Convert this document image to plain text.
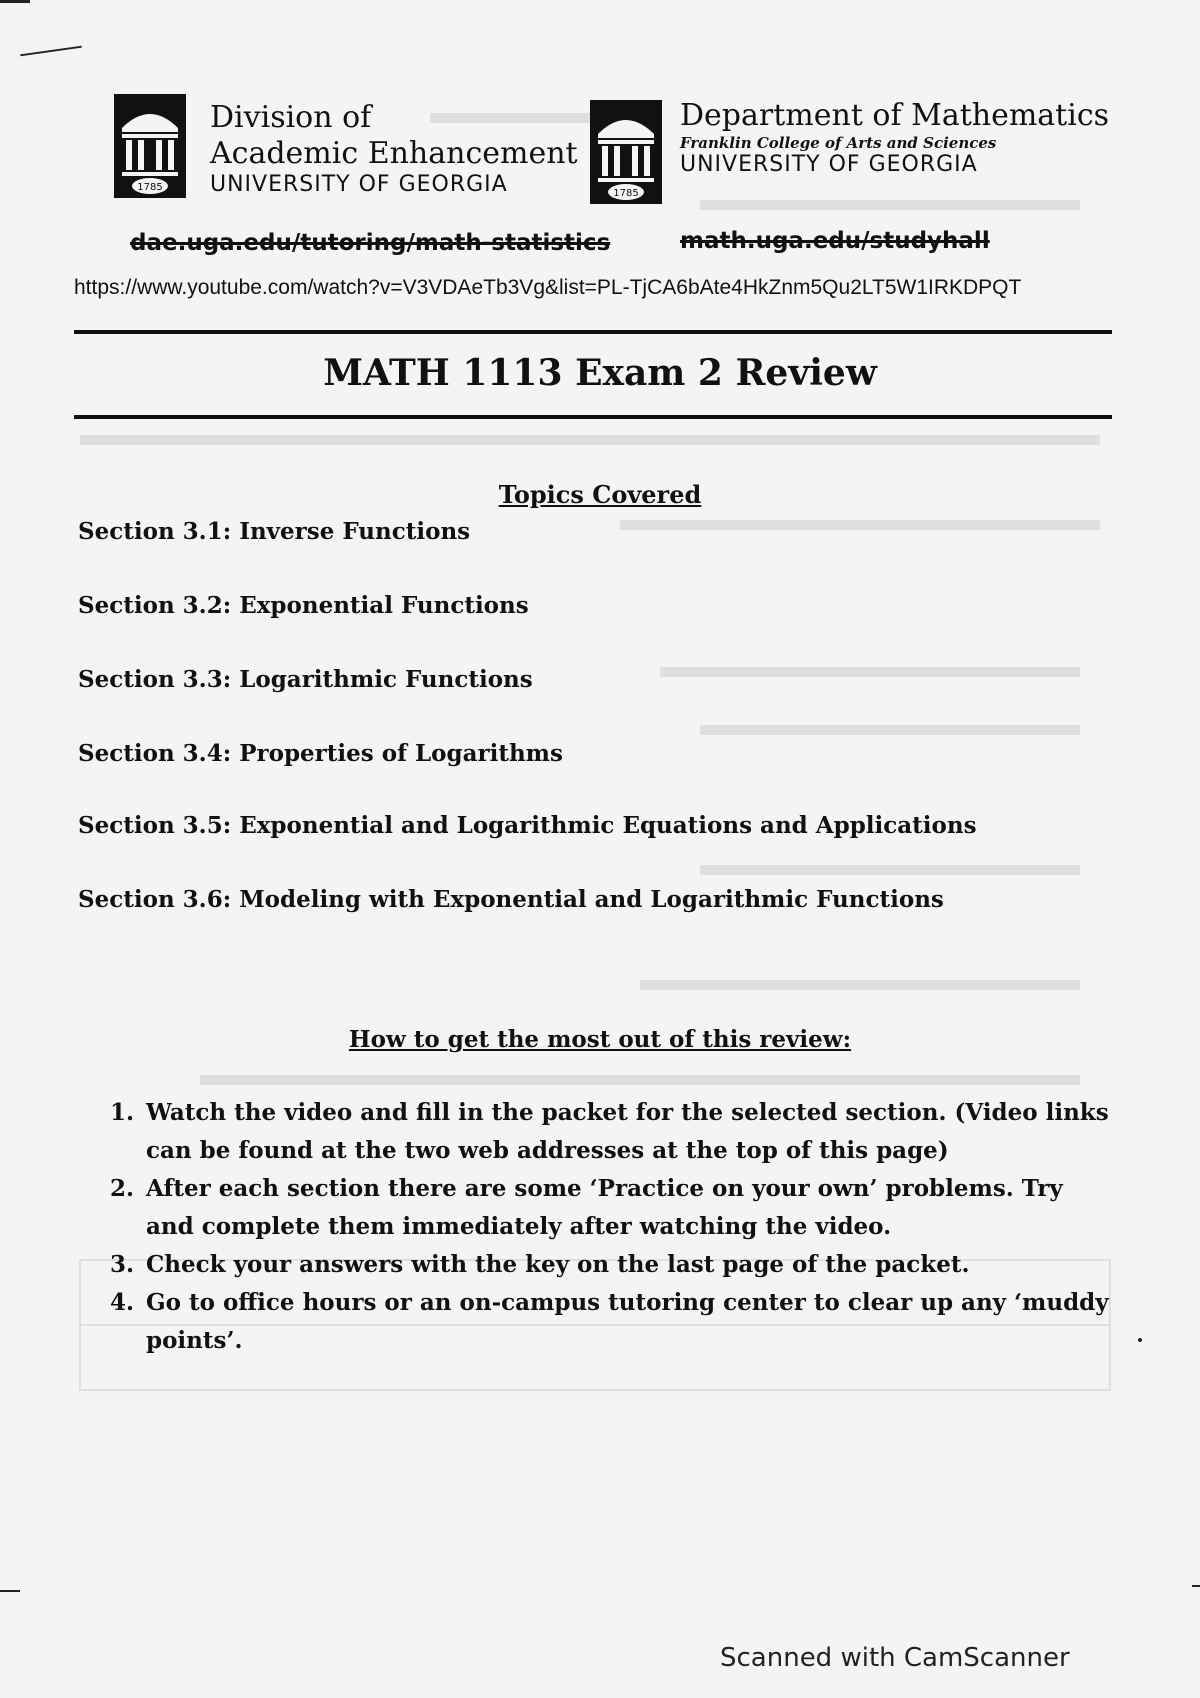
1785
Division of
Academic Enhancement
UNIVERSITY OF GEORGIA	1785
Department of Mathematics
Franklin College of Arts and Sciences
UNIVERSITY OF GEORGIA
dae.uga.edu/tutoring/math-statistics	math.uga.edu/studyhall
https://www.youtube.com/watch?v=V3VDAeTb3Vg&list=PL-TjCA6bAte4HkZnm5Qu2LT5W1IRKDPQT
MATH 1113 Exam 2 Review
Topics Covered
Section 3.1: Inverse Functions
Section 3.2: Exponential Functions
Section 3.3: Logarithmic Functions
Section 3.4: Properties of Logarithms
Section 3.5: Exponential and Logarithmic Equations and Applications
Section 3.6: Modeling with Exponential and Logarithmic Functions
How to get the most out of this review:
1. Watch the video and fill in the packet for the selected section. (Video links can be found at the two web addresses at the top of this page)
2. After each section there are some ‘Practice on your own’ problems. Try and complete them immediately after watching the video.
3. Check your answers with the key on the last page of the packet.
4. Go to office hours or an on-campus tutoring center to clear up any ‘muddy points’.
Scanned with CamScanner
